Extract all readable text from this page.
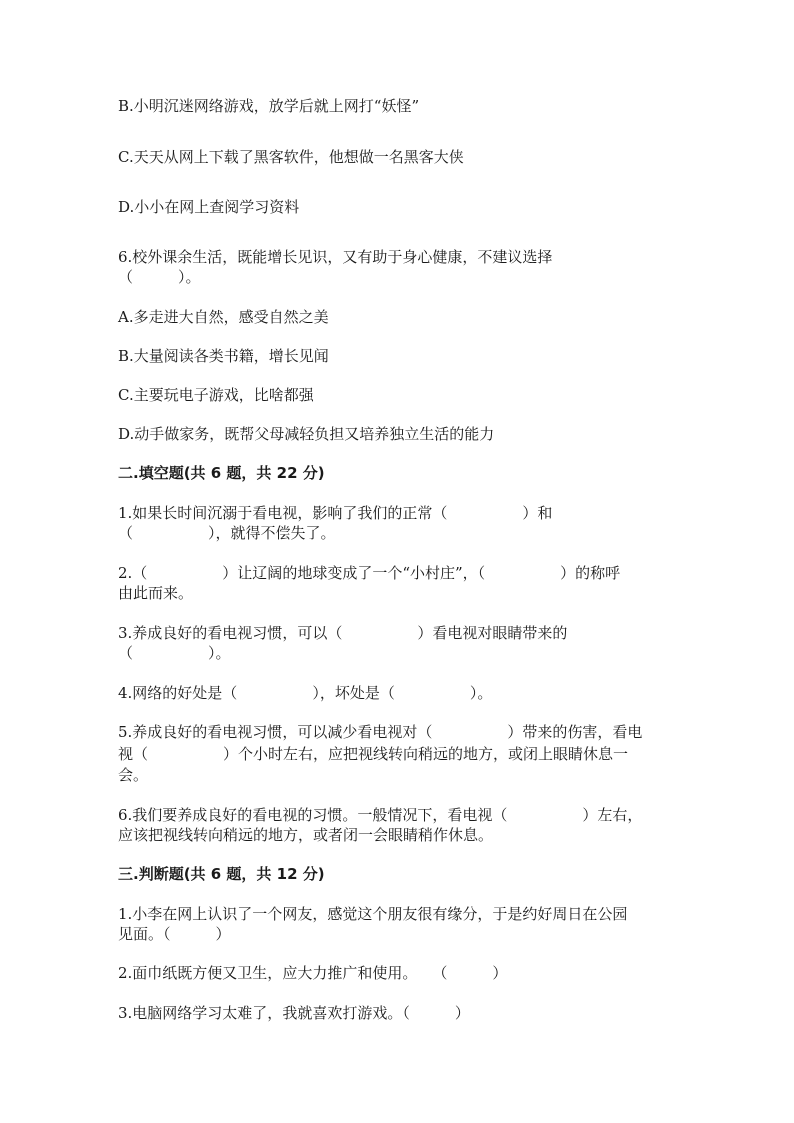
B.小明沉迷网络游戏，放学后就上网打“妖怪”
C.天天从网上下载了黑客软件，他想做一名黑客大侠
D.小小在网上查阅学习资料
6.校外课余生活，既能增长见识，又有助于身心健康，不建议选择
（　　　）。
A.多走进大自然，感受自然之美
B.大量阅读各类书籍，增长见闻
C.主要玩电子游戏，比啥都强
D.动手做家务，既帮父母减轻负担又培养独立生活的能力
二.填空题(共 6 题，共 22 分)
1.如果长时间沉溺于看电视，影响了我们的正常（　　　　　）和
（　　　　　），就得不偿失了。
2.（　　　　　）让辽阔的地球变成了一个“小村庄”，（　　　　　）的称呼
由此而来。
3.养成良好的看电视习惯，可以（　　　　　）看电视对眼睛带来的
（　　　　　）。
4.网络的好处是（　　　　　），坏处是（　　　　　）。
5.养成良好的看电视习惯，可以减少看电视对（　　　　　）带来的伤害，看电
视（　　　　　）个小时左右，应把视线转向稍远的地方，或闭上眼睛休息一
会。
6.我们要养成良好的看电视的习惯。一般情况下，看电视（　　　　　）左右，
应该把视线转向稍远的地方，或者闭一会眼睛稍作休息。
三.判断题(共 6 题，共 12 分)
1.小李在网上认识了一个网友，感觉这个朋友很有缘分，于是约好周日在公园
见面。（　　　）
2.面巾纸既方便又卫生，应大力推广和使用。　　（　　　）
3.电脑网络学习太难了，我就喜欢打游戏。（　　　）
